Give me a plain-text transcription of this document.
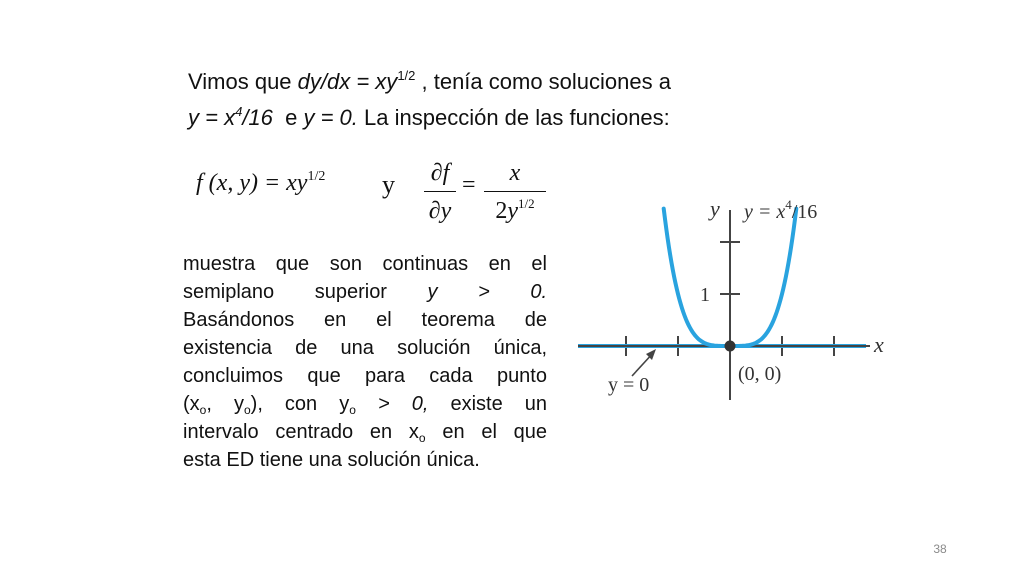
Vimos que $dy/dx = xy^{1/2}$ , tenía como soluciones a
$y = x^4/16$  e y = 0. La inspección de las funciones:
f (x, $y) = xy^{1/2}$ y ∂f
∂y
=	x
$2y^{1/2}$
muestra que son continuas en el
semiplano superior y > 0.
Basándonos en el teorema de
existencia de una solución única,
concluimos que para cada punto
($x_o$, $y_o$), con $y_o > 0$, existe un
intervalo centrado en $x_o$ en el que
esta ED tiene una solución única.
y $y = x^4/16$
1
x
(0, 0)
y = 0
38
